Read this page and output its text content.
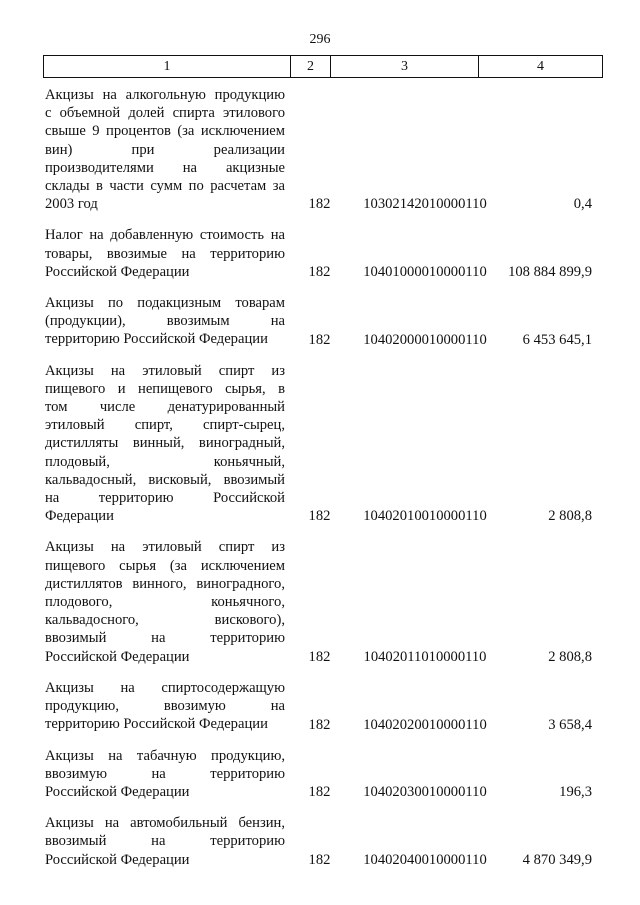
296
1	2	3	4
Акцизы на алкогольную продукцию
с объемной долей спирта этилового
свыше 9 процентов (за исключением
вин) при реализации
производителями на акцизные
склады в части сумм по расчетам за
2003 год	182	10302142010000110	0,4
Налог на добавленную стоимость на
товары, ввозимые на территорию
Российской Федерации	182	10401000010000110	108 884 899,9
Акцизы по подакцизным товарам
(продукции), ввозимым на
территорию Российской Федерации	182	10402000010000110	6 453 645,1
Акцизы на этиловый спирт из
пищевого и непищевого сырья, в
том числе денатурированный
этиловый спирт, спирт-сырец,
дистилляты винный, виноградный,
плодовый, коньячный,
кальвадосный, висковый, ввозимый
на территорию Российской
Федерации	182	10402010010000110	2 808,8
Акцизы на этиловый спирт из
пищевого сырья (за исключением
дистиллятов винного, виноградного,
плодового, коньячного,
кальвадосного, вискового),
ввозимый на территорию
Российской Федерации	182	10402011010000110	2 808,8
Акцизы на спиртосодержащую
продукцию, ввозимую на
территорию Российской Федерации	182	10402020010000110	3 658,4
Акцизы на табачную продукцию,
ввозимую на территорию
Российской Федерации	182	10402030010000110	196,3
Акцизы на автомобильный бензин,
ввозимый на территорию
Российской Федерации	182	10402040010000110	4 870 349,9
